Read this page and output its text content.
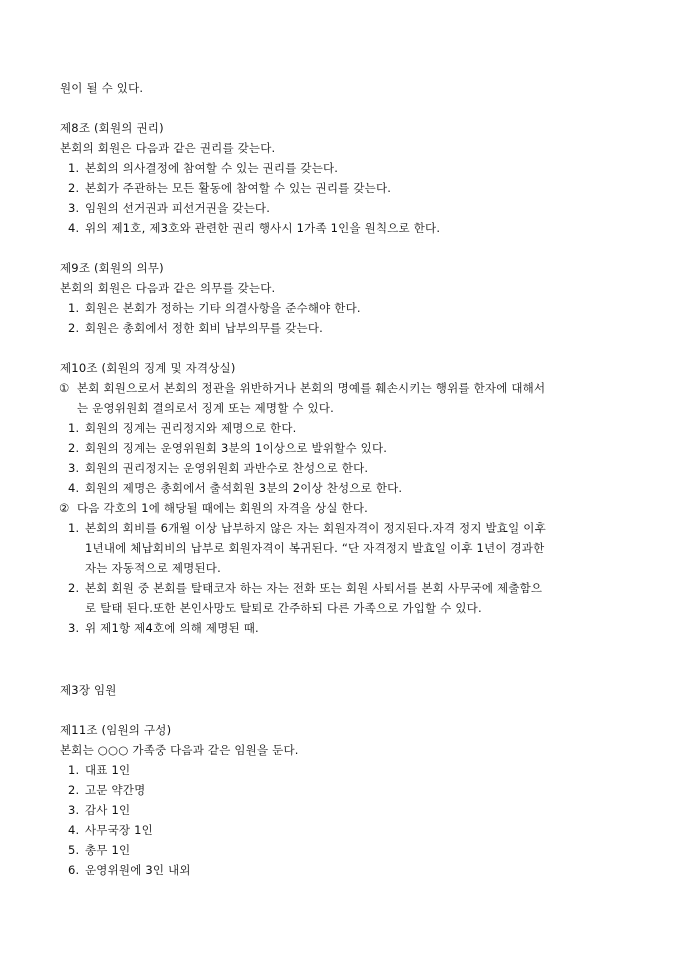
원이 될 수 있다.
제8조 (회원의 권리)
본회의 회원은 다음과 같은 권리를 갖는다.
1. 본회의 의사결정에 참여할 수 있는 권리를 갖는다.
2. 본회가 주관하는 모든 활동에 참여할 수 있는 권리를 갖는다.
3. 임원의 선거권과 피선거권을 갖는다.
4. 위의 제1호, 제3호와 관련한 권리 행사시 1가족 1인을 원칙으로 한다.
제9조 (회원의 의무)
본회의 회원은 다음과 같은 의무를 갖는다.
1. 회원은 본회가 정하는 기타 의결사항을 준수해야 한다.
2. 회원은 총회에서 정한 회비 납부의무를 갖는다.
제10조 (회원의 징계 및 자격상실)
① 본회 회원으로서 본회의 정관을 위반하거나 본회의 명예를 훼손시키는 행위를 한자에 대해서
는 운영위원회 결의로서 징계 또는 제명할 수 있다.
1. 회원의 징계는 권리정지와 제명으로 한다.
2. 회원의 징계는 운영위원회 3분의 1이상으로 발위할수 있다.
3. 회원의 권리정지는 운영위원회 과반수로 찬성으로 한다.
4. 회원의 제명은 총회에서 출석회원 3분의 2이상 찬성으로 한다.
② 다음 각호의 1에 해당될 때에는 회원의 자격을 상실 한다.
1. 본회의 회비를 6개월 이상 납부하지 않은 자는 회원자격이 정지된다.자격 정지 발효일 이후
1년내에 체납회비의 납부로 회원자격이 복귀된다. “단 자격정지 발효일 이후 1년이 경과한
자는 자동적으로 제명된다.
2. 본회 회원 중 본회를 탈태코자 하는 자는 전화 또는 회원 사퇴서를 본회 사무국에 제출함으
로 탈태 된다.또한 본인사망도 탈퇴로 간주하되 다른 가족으로 가입할 수 있다.
3. 위 제1항 제4호에 의해 제명된 때.
제3장 임원
제11조 (임원의 구성)
본회는 ○○○ 가족중 다음과 같은 임원을 둔다.
1. 대표 1인
2. 고문 약간명
3. 감사 1인
4. 사무국장 1인
5. 총무 1인
6. 운영위원에 3인 내외
